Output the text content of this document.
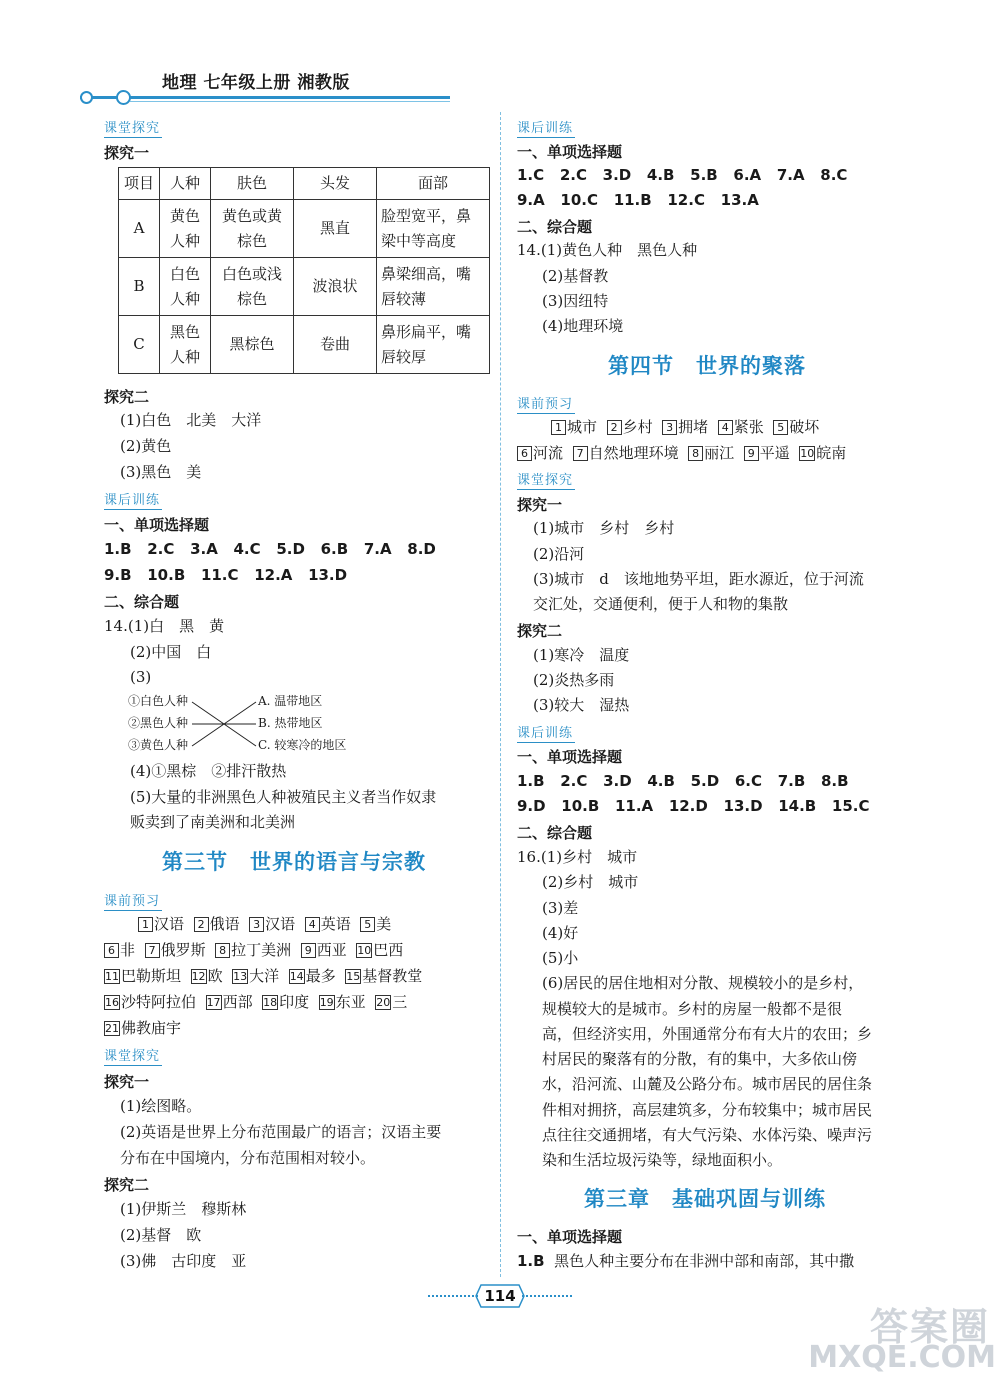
地理 七年级上册 湘教版
课堂探究
探究一
项目	人种	肤色	头发	面部
A	黄色人种	黄色或黄棕色	黑直	脸型宽平，鼻梁中等高度
B	白色人种	白色或浅棕色	波浪状	鼻梁细高，嘴唇较薄
C	黑色人种	黑棕色	卷曲	鼻形扁平，嘴唇较厚
探究二
(1)白色　北美　大洋
(2)黄色
(3)黑色　美
课后训练
一、单项选择题
1.B 2.C 3.A 4.C 5.D 6.B 7.A 8.D
9.B 10.B 11.C 12.A 13.D
二、综合题
14.(1)白　黑　黄
(2)中国　白
(3)
①白色人种
②黑色人种
③黄色人种
A. 温带地区
B. 热带地区
C. 较寒冷的地区
(4)①黑棕　②排汗散热
(5)大量的非洲黑色人种被殖民主义者当作奴隶
贩卖到了南美洲和北美洲
第三节　世界的语言与宗教
课前预习
1 汉语 2 俄语 3 汉语 4 英语 5 美
6 非 7 俄罗斯 8 拉丁美洲 9 西亚 10 巴西
11 巴勒斯坦 12 欧 13 大洋 14 最多 15 基督教堂
16 沙特阿拉伯 17 西部 18 印度 19 东亚 20 三
21 佛教庙宇
课堂探究
探究一
(1)绘图略。
(2)英语是世界上分布范围最广的语言；汉语主要
分布在中国境内，分布范围相对较小。
探究二
(1)伊斯兰　穆斯林
(2)基督　欧
(3)佛　古印度　亚
课后训练
一、单项选择题
1.C 2.C 3.D 4.B 5.B 6.A 7.A 8.C
9.A 10.C 11.B 12.C 13.A
二、综合题
14.(1)黄色人种　黑色人种
(2)基督教
(3)因纽特
(4)地理环境
第四节　世界的聚落
课前预习
1 城市 2 乡村 3 拥堵 4 紧张 5 破坏
6 河流 7 自然地理环境 8 丽江 9 平遥 10 皖南
课堂探究
探究一
(1)城市　乡村　乡村
(2)沿河
(3)城市　d　该地地势平坦，距水源近，位于河流
交汇处，交通便利，便于人和物的集散
探究二
(1)寒冷　温度
(2)炎热多雨
(3)较大　湿热
课后训练
一、单项选择题
1.B 2.C 3.D 4.B 5.D 6.C 7.B 8.B
9.D 10.B 11.A 12.D 13.D 14.B 15.C
二、综合题
16.(1)乡村　城市
(2)乡村　城市
(3)差
(4)好
(5)小
(6)居民的居住地相对分散、规模较小的是乡村，
规模较大的是城市。乡村的房屋一般都不是很
高，但经济实用，外围通常分布有大片的农田；乡
村居民的聚落有的分散，有的集中，大多依山傍
水，沿河流、山麓及公路分布。城市居民的居住条
件相对拥挤，高层建筑多，分布较集中；城市居民
点往往交通拥堵，有大气污染、水体污染、噪声污
染和生活垃圾污染等，绿地面积小。
第三章　基础巩固与训练
一、单项选择题
1.B 黑色人种主要分布在非洲中部和南部，其中撒
114
答案圈
MXQE.COM
